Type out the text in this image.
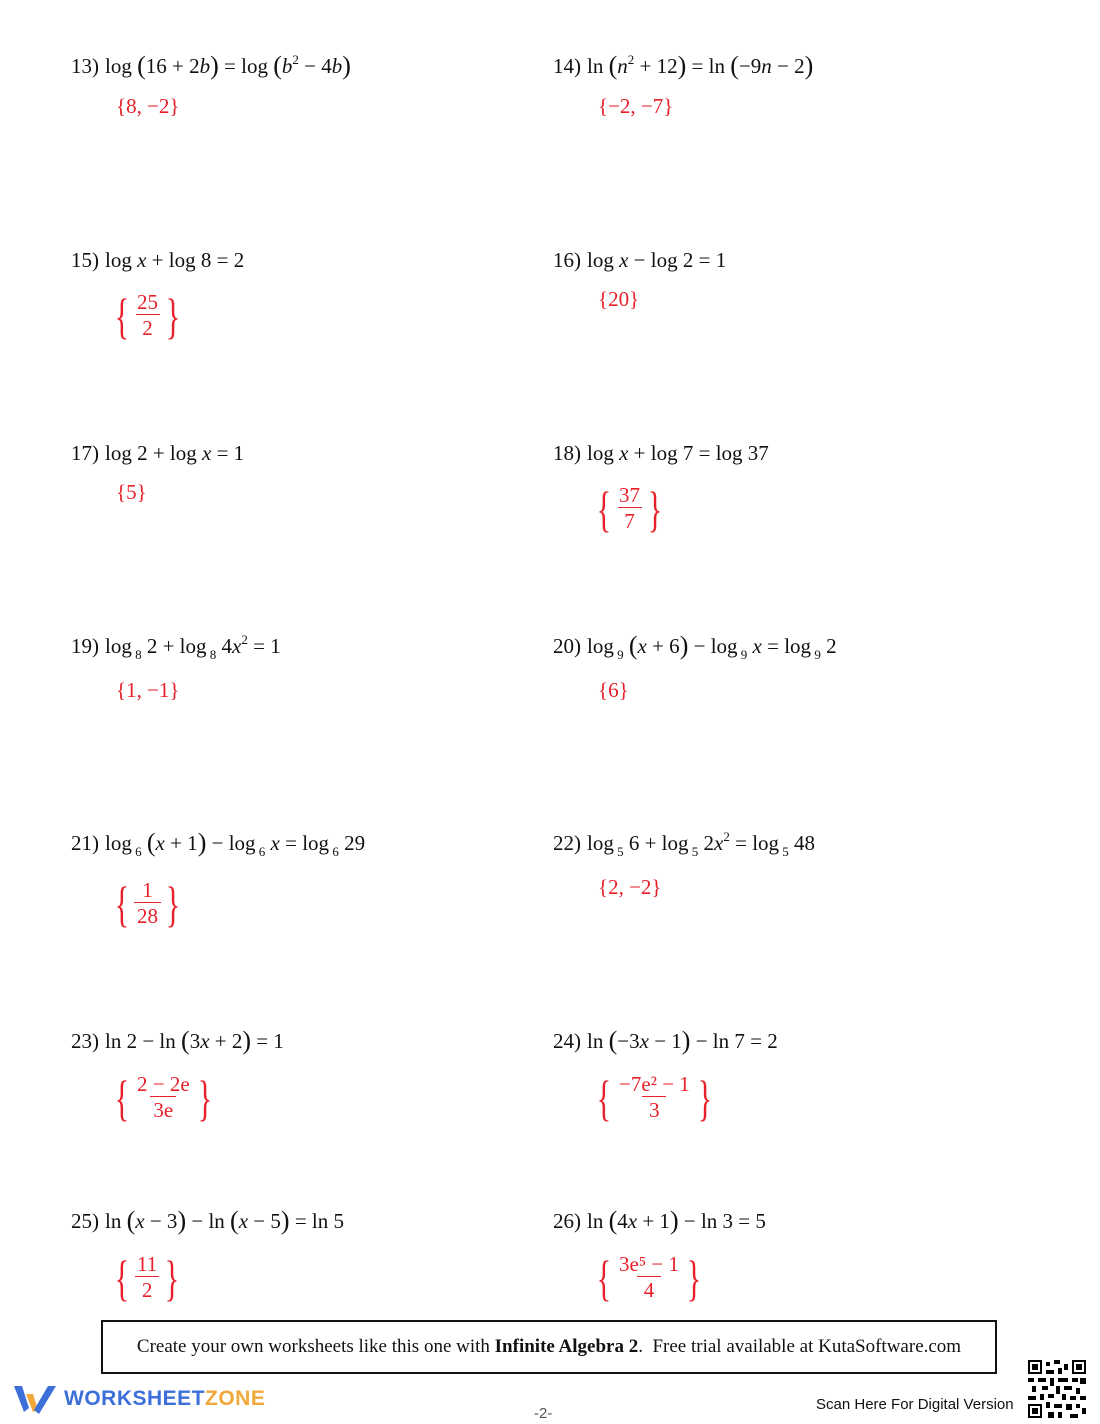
13) $\log (16 + 2b) = \log (b^2 - 4b)$
{8, −2}
14) $\ln (n^2 + 12) = \ln (-9n - 2)$
{−2, −7}
15) log x + log 8 = 2
{ $\frac{25}{2}$ }
16) log x − log 2 = 1
{20}
17) log 2 + log x = 1
{5}
18) log x + log 7 = log 37
{ $\frac{37}{7}$ }
19) log $_8$ 2 + log $_8$ $4x^2 = 1$
{1, −1}
20) log $_9$ (x + 6) − log $_9$ x = log $_9$ 2
{6}
21) log $_6$ (x + 1) − log $_6$ x = log $_6$ 29
{ $\frac{1}{28}$ }
22) log $_5$ 6 + log $_5$ $2x^2 = \log _5$ 48
{2, −2}
23) ln 2 − ln (3x + 2) = 1
{ $\frac{2 - 2e}{3e}$ }
24) ln (−3x − 1) − ln 7 = 2
{ $\frac{\text{−7e² − 1}}{3}$ }
25) ln (x − 3) − ln (x − 5) = ln 5
{ $\frac{11}{2}$ }
26) ln (4x + 1) − ln 3 = 5
{ $\frac{\text{3e⁵ − 1}}{4}$ }
Create your own worksheets like this one with Infinite Algebra 2 .  Free trial available at KutaSoftware.com
WORKSHEETZONE
-2-
Scan Here For Digital Version
